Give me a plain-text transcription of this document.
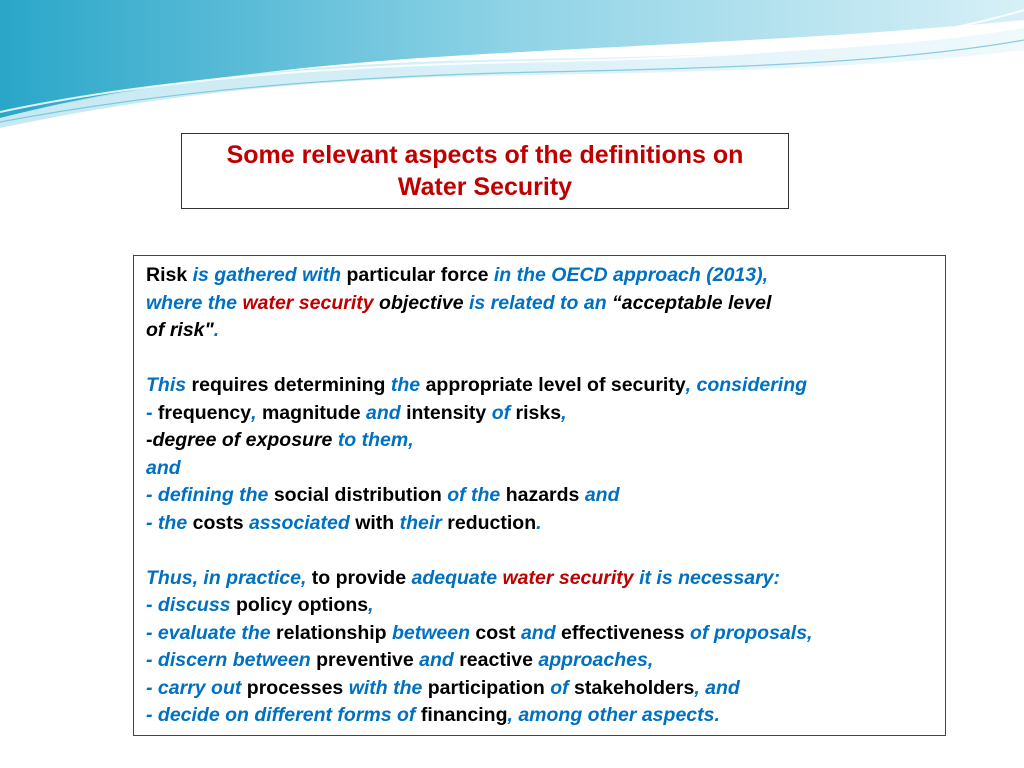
Some relevant aspects of the definitions on
Water Security
Risk is gathered with particular force in the OECD approach (2013),
where the water security objective is related to an “acceptable level
of risk".
This requires determining the appropriate level of security, considering
- frequency, magnitude and intensity of risks,
-degree of exposure to them,
and
- defining the social distribution of the hazards and
- the costs associated with their reduction.
Thus, in practice, to provide adequate water security it is necessary:
- discuss policy options,
- evaluate the relationship between cost and effectiveness of proposals,
- discern between preventive and reactive approaches,
- carry out processes with the participation of stakeholders, and
- decide on different forms of financing, among other aspects.
